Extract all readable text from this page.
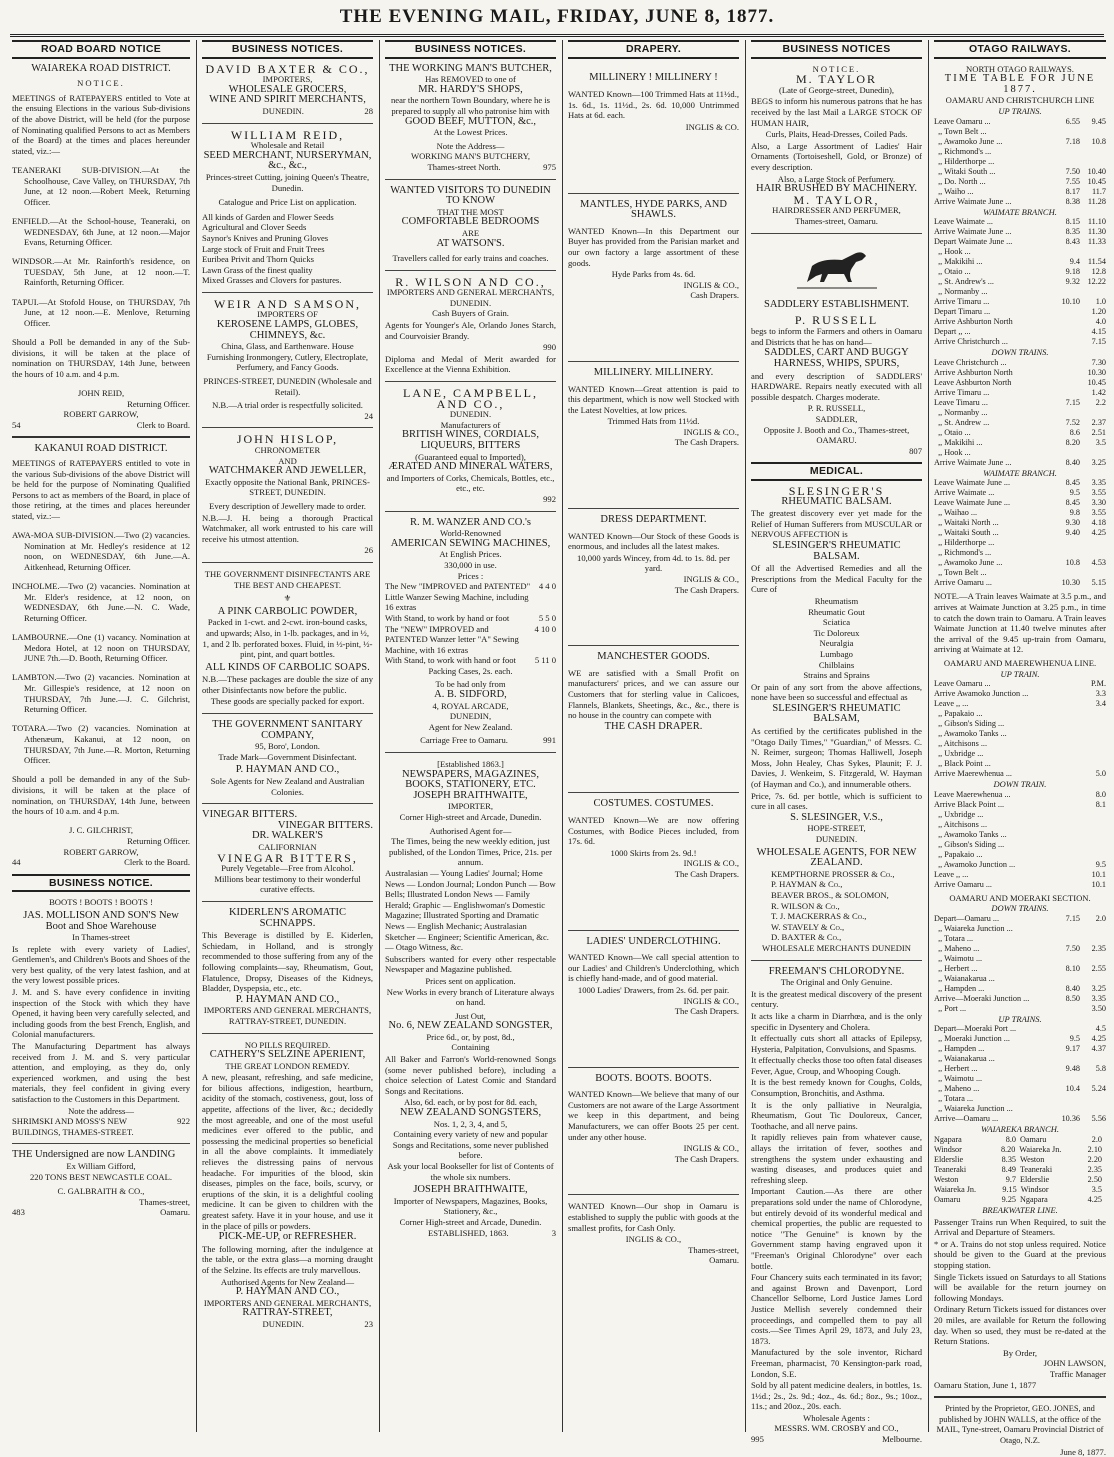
THE EVENING MAIL, FRIDAY, JUNE 8, 1877.
ROAD BOARD NOTICE
WAIAREKA ROAD DISTRICT.
NOTICE.

MEETINGS of RATEPAYERS entitled to Vote at the ensuing Elections in the various Sub-divisions of the above District, will be held (for the purpose of Nominating qualified Persons to act as Members of the Board) at the times and places hereunder stated, viz.:—

TEANERAKI SUB-DIVISION.—At the Schoolhouse, Cave Valley, on THURSDAY, 7th June, at 12 noon.—Robert Meek, Returning Officer.

ENFIELD.—At the School-house, Teaneraki, on WEDNESDAY, 6th June, at 12 noon.—Major Evans, Returning Officer.

WINDSOR.—At Mr. Rainforth's residence, on TUESDAY, 5th June, at 12 noon.—T. Rainforth, Returning Officer.

TAPUI.—At Stofold House, on THURSDAY, 7th June, at 12 noon.—E. Menlove, Returning Officer.

Should a Poll be demanded in any of the Sub-divisions, it will be taken at the place of nomination on THURSDAY, 14th June, between the hours of 10 a.m. and 4 p.m.

JOHN REID,
Returning Officer.
ROBERT GARROW,
54	Clerk to Board.
KAKANUI ROAD DISTRICT.

MEETINGS of RATEPAYERS entitled to vote in the various Sub-divisions of the above District will be held for the purpose of Nominating Qualified Persons to act as members of the Board, in place of those retiring, at the times and places hereunder stated, viz.:—

AWA-MOA SUB-DIVISION.—Two (2) vacancies. Nomination at Mr. Hedley's residence at 12 noon, on WEDNESDAY, 6th June.—A. Aitkenhead, Returning Officer.

INCHOLME.—Two (2) vacancies. Nomination at Mr. Elder's residence, at 12 noon, on WEDNESDAY, 6th June.—N. C. Wade, Returning Officer.

LAMBOURNE.—One (1) vacancy. Nomination at Medora Hotel, at 12 noon on THURSDAY, JUNE 7th.—D. Booth, Returning Officer.

LAMBTON.—Two (2) vacancies. Nomination at Mr. Gillespie's residence, at 12 noon on THURSDAY, 7th June.—J. C. Gilchrist, Returning Officer.

TOTARA.—Two (2) vacancies. Nomination at Athenæum, Kakanui, at 12 noon, on THURSDAY, 7th June.—R. Morton, Returning Officer.

Should a poll be demanded in any of the Sub-divisions, it will be taken at the place of nomination, on THURSDAY, 14th June, between the hours of 10 a.m. and 4 p.m.

J. C. GILCHRIST,
Returning Officer.
ROBERT GARROW,
44	Clerk to the Board.
BUSINESS NOTICE.
BOOTS ! BOOTS ! BOOTS !
JAS. MOLLISON AND SON'S New Boot and Shoe Warehouse
In Thames-street

Is replete with every variety of Ladies', Gentlemen's, and Children's Boots and Shoes of the very best quality, of the very latest fashion, and at the very lowest possible prices.

J. M. and S. have every confidence in inviting inspection of the Stock with which they have Opened, it having been very carefully selected, and including goods from the best French, English, and Colonial manufacturers.

The Manufacturing Department has always received from J. M. and S. very particular attention, and employing, as they do, only experienced workmen, and using the best materials, they feel confident in giving every satisfaction to the Customers in this Department.

Note the address—
SHRIMSKI AND MOSS'S NEW BUILDINGS, THAMES-STREET.
922
THE Undersigned are now LANDING
Ex William Gifford,
220 TONS BEST NEWCASTLE COAL.
C. GALBRAITH & CO.,
Thames-street,
483	Oamaru.
BUSINESS NOTICES.
DAVID BAXTER & CO.,
IMPORTERS,
WHOLESALE GROCERS,
WINE AND SPIRIT MERCHANTS,
DUNEDIN.	28
WILLIAM REID,
Wholesale and Retail
SEED MERCHANT, NURSERYMAN, &c., &c.,
Princes-street Cutting, joining Queen's Theatre, Dunedin.
Catalogue and Price List on application.
All kinds of Garden and Flower Seeds
Agricultural and Clover Seeds
Saynor's Knives and Pruning Gloves
Large stock of Fruit and Fruit Trees
Euribea Privit and Thorn Quicks
Lawn Grass of the finest quality
Mixed Grasses and Clovers for pastures.
WEIR AND SAMSON,
IMPORTERS OF
KEROSENE LAMPS, GLOBES, CHIMNEYS, &c.
China, Glass, and Earthenware. House Furnishing Ironmongery, Cutlery, Electroplate, Perfumery, and Fancy Goods.
PRINCES-STREET, DUNEDIN (Wholesale and Retail).
N.B.—A trial order is respectfully solicited.
24
JOHN HISLOP,
CHRONOMETER
AND
WATCHMAKER AND JEWELLER,
Exactly opposite the National Bank, PRINCES-STREET, DUNEDIN.
Every description of Jewellery made to order.

N.B.—J. H. being a thorough Practical Watchmaker, all work entrusted to his care will receive his utmost attention.

26
THE GOVERNMENT DISINFECTANTS ARE THE BEST AND CHEAPEST.
⚜
A PINK CARBOLIC POWDER,
Packed in 1-cwt. and 2-cwt. iron-bound casks, and upwards; Also, in 1-lb. packages, and in ½, 1, and 2 lb. perforated boxes. Fluid, in ½-pint, ½-pint, pint, and quart bottles.
ALL KINDS OF CARBOLIC SOAPS.

N.B.—These packages are double the size of any other Disinfectants now before the public.

These goods are specially packed for export.
THE GOVERNMENT SANITARY COMPANY,
95, Boro', London.
Trade Mark—Government Disinfectant.
P. HAYMAN AND CO.,
Sole Agents for New Zealand and Australian Colonies.
VINEGAR BITTERS.
VINEGAR BITTERS.
DR. WALKER'S
CALIFORNIAN
VINEGAR BITTERS,
Purely Vegetable—Free from Alcohol.
Millions bear testimony to their wonderful curative effects.
KIDERLEN'S AROMATIC SCHNAPPS.

This Beverage is distilled by E. Kiderlen, Schiedam, in Holland, and is strongly recommended to those suffering from any of the following complaints—say, Rheumatism, Gout, Flatulence, Dropsy, Diseases of the Kidneys, Bladder, Dyspepsia, etc., etc.

P. HAYMAN AND CO.,
IMPORTERS AND GENERAL MERCHANTS, RATTRAY-STREET, DUNEDIN.
NO PILLS REQUIRED.
CATHERY'S SELZINE APERIENT,
THE GREAT LONDON REMEDY.

A new, pleasant, refreshing, and safe medicine, for bilious affections, indigestion, heartburn, acidity of the stomach, costiveness, gout, loss of appetite, affections of the liver, &c.; decidedly the most agreeable, and one of the most useful medicines ever offered to the public, and possessing the medicinal properties so beneficial in all the above complaints. It immediately relieves the distressing pains of nervous headache. For impurities of the blood, skin diseases, pimples on the face, boils, scurvy, or eruptions of the skin, it is a delightful cooling medicine. It can be given to children with the greatest safety. Have it in your house, and use it in the place of pills or powders.

PICK-ME-UP, or REFRESHER.

The following morning, after the indulgence at the table, or the extra glass—a morning draught of the Selzine. Its effects are truly marvellous.

Authorised Agents for New Zealand—
P. HAYMAN AND CO.,
IMPORTERS AND GENERAL MERCHANTS,
RATTRAY-STREET,
DUNEDIN.	23
BUSINESS NOTICES.
THE WORKING MAN'S BUTCHER,
Has REMOVED to one of
MR. HARDY'S SHOPS,
near the northern Town Boundary, where he is prepared to supply all who patronise him with
GOOD BEEF, MUTTON, &c.,
At the Lowest Prices.
Note the Address—
WORKING MAN'S BUTCHERY,
Thames-street North.	975
WANTED VISITORS TO DUNEDIN TO KNOW
THAT THE MOST
COMFORTABLE BEDROOMS
ARE
AT WATSON'S.
Travellers called for early trains and coaches.
R. WILSON AND CO.,
IMPORTERS AND GENERAL MERCHANTS,
DUNEDIN.
Cash Buyers of Grain.

Agents for Younger's Ale, Orlando Jones Starch, and Courvoisier Brandy.

990

Diploma and Medal of Merit awarded for Excellence at the Vienna Exhibition.

LANE, CAMPBELL, AND CO.,
DUNEDIN.
Manufacturers of
BRITISH WINES, CORDIALS, LIQUEURS, BITTERS
(Guaranteed equal to Imported),
ÆRATED AND MINERAL WATERS,
and Importers of Corks, Chemicals, Bottles, etc., etc., etc.
992
R. M. WANZER AND CO.'s
World-Renowned
AMERICAN SEWING MACHINES,
At English Prices.
330,000 in use.
Prices :
The New "IMPROVED and PATENTED" Little Wanzer Sewing Machine, including 16 extras
4 4 0
With Stand, to work by hand or foot	5 5 0
The "NEW" IMPROVED and PATENTED Wanzer letter "A" Sewing Machine, with 16 extras
4 10 0
With Stand, to work with hand or foot	5 11 0
Packing Cases, 2s. each.
To be had only from
A. B. SIDFORD,
4, ROYAL ARCADE,
DUNEDIN,
Agent for New Zealand.
Carriage Free to Oamaru.	991
[Established 1863.]
NEWSPAPERS, MAGAZINES, BOOKS, STATIONERY, ETC.
JOSEPH BRAITHWAITE,
IMPORTER,
Corner High-street and Arcade, Dunedin.
Authorised Agent for—
The Times, being the new weekly edition, just published, of the London Times, Price, 21s. per annum.
Australasian — Young Ladies' Journal; Home News — London Journal; London Punch — Bow Bells; Illustrated London News — Family Herald; Graphic — Englishwoman's Domestic Magazine; Illustrated Sporting and Dramatic News — English Mechanic; Australasian Sketcher — Engineer; Scientific American, &c. — Otago Witness, &c.

Subscribers wanted for every other respectable Newspaper and Magazine published.

Prices sent on application.
New Works in every branch of Literature always on hand.
Just Out,
No. 6, NEW ZEALAND SONGSTER,
Price 6d., or, by post, 8d.,
Containing

All Baker and Farron's World-renowned Songs (some never published before), including a choice selection of Latest Comic and Standard Songs and Recitations.

Also, 6d. each, or by post for 8d. each,
NEW ZEALAND SONGSTERS,
Nos. 1, 2, 3, 4, and 5,
Containing every variety of new and popular Songs and Recitations, some never published before.
Ask your local Bookseller for list of Contents of the whole six numbers.
JOSEPH BRAITHWAITE,
Importer of Newspapers, Magazines, Books, Stationery, &c.,
Corner High-street and Arcade, Dunedin.
ESTABLISHED, 1863.	3
DRAPERY.
MILLINERY ! MILLINERY !

WANTED Known—100 Trimmed Hats at 11½d., 1s. 6d., 1s. 11½d., 2s. 6d. 10,000 Untrimmed Hats at 6d. each.

INGLIS & CO.
MANTLES, HYDE PARKS, AND SHAWLS.

WANTED Known—In this Department our Buyer has provided from the Parisian market and our own factory a large assortment of these goods.

Hyde Parks from 4s. 6d.
INGLIS & CO.,
Cash Drapers.
MILLINERY. MILLINERY.

WANTED Known—Great attention is paid to this department, which is now well Stocked with the Latest Novelties, at low prices.

Trimmed Hats from 11½d.
INGLIS & CO.,
The Cash Drapers.
DRESS DEPARTMENT.

WANTED Known—Our Stock of these Goods is enormous, and includes all the latest makes.

10,000 yards Wincey, from 4d. to 1s. 8d. per yard.
INGLIS & CO.,
The Cash Drapers.
MANCHESTER GOODS.

WE are satisfied with a Small Profit on manufacturers' prices, and we can assure our Customers that for sterling value in Calicoes, Flannels, Blankets, Sheetings, &c., &c., there is no house in the country can compete with

THE CASH DRAPER.
COSTUMES. COSTUMES.

WANTED Known—We are now offering Costumes, with Bodice Pieces included, from 17s. 6d.

1000 Skirts from 2s. 9d.!
INGLIS & CO.,
The Cash Drapers.
LADIES' UNDERCLOTHING.

WANTED Known—We call special attention to our Ladies' and Children's Underclothing, which is chiefly hand-made, and of good material.

1000 Ladies' Drawers, from 2s. 6d. per pair.
INGLIS & CO.,
The Cash Drapers.
BOOTS. BOOTS. BOOTS.

WANTED Known—We believe that many of our Customers are not aware of the Large Assortment we keep in this department, and being Manufacturers, we can offer Boots 25 per cent. under any other house.

INGLIS & CO.,
The Cash Drapers.

WANTED Known—Our shop in Oamaru is established to supply the public with goods at the smallest profits, for Cash Only.

INGLIS & CO.,
Thames-street,
Oamaru.
BUSINESS NOTICES
NOTICE.
M. TAYLOR
(Late of George-street, Dunedin),

BEGS to inform his numerous patrons that he has received by the last Mail a LARGE STOCK OF HUMAN HAIR,

Curls, Plaits, Head-Dresses, Coiled Pads.

Also, a Large Assortment of Ladies' Hair Ornaments (Tortoiseshell, Gold, or Bronze) of every description.

Also, a Large Stock of Perfumery.
HAIR BRUSHED BY MACHINERY.
M. TAYLOR,
HAIRDRESSER AND PERFUMER,
Thames-street, Oamaru.
SADDLERY ESTABLISHMENT.
P. RUSSELL

begs to inform the Farmers and others in Oamaru and Districts that he has on hand—

SADDLES, CART AND BUGGY HARNESS, WHIPS, SPURS,

and every description of SADDLERS' HARDWARE. Repairs neatly executed with all possible despatch. Charges moderate.

P. R. RUSSELL,
SADDLER,
Opposite J. Booth and Co., Thames-street, OAMARU.
807
MEDICAL.
SLESINGER'S
RHEUMATIC BALSAM.

The greatest discovery ever yet made for the Relief of Human Sufferers from MUSCULAR or NERVOUS AFFECTION is

SLESINGER'S RHEUMATIC BALSAM.

Of all the Advertised Remedies and all the Prescriptions from the Medical Faculty for the Cure of

Rheumatism
Rheumatic Gout
Sciatica
Tic Doloreux
Neuralgia
Lumbago
Chilblains
Strains and Sprains

Or pain of any sort from the above affections, none have been so successful and effectual as

SLESINGER'S RHEUMATIC BALSAM,

As certified by the certificates published in the "Otago Daily Times," "Guardian," of Messrs. C. N. Reimer, surgeon; Thomas Halliwell, Joseph Moss, John Healey, Chas Sykes, Plaunit; F. J. Davies, J. Wenkeim, S. Fitzgerald, W. Hayman (of Hayman and Co.), and innumerable others.

Price, 7s. 6d. per bottle, which is sufficient to cure in all cases.

S. SLESINGER, V.S.,
HOPE-STREET,
DUNEDIN.
WHOLESALE AGENTS, FOR NEW ZEALAND.
KEMPTHORNE PROSSER & Co.,
P. HAYMAN & Co.,
BEAVER BROS., & SOLOMON,
R. WILSON & Co.,
T. J. MACKERRAS & Co.,
W. STAVELY & Co.,
D. BAXTER & Co.,
WHOLESALE MERCHANTS DUNEDIN
FREEMAN'S CHLORODYNE.
The Original and Only Genuine.

It is the greatest medical discovery of the present century.

It acts like a charm in Diarrhœa, and is the only specific in Dysentery and Cholera.

It effectually cuts short all attacks of Epilepsy, Hysteria, Palpitation, Convulsions, and Spasms.

It effectually checks those too often fatal diseases Fever, Ague, Croup, and Whooping Cough.

It is the best remedy known for Coughs, Colds, Consumption, Bronchitis, and Asthma.

It is the only palliative in Neuralgia, Rheumatism, Gout Tic Douloreux, Cancer, Toothache, and all nerve pains.

It rapidly relieves pain from whatever cause, allays the irritation of fever, soothes and strengthens the system under exhausting and wasting diseases, and produces quiet and refreshing sleep.

Important Caution.—As there are other preparations sold under the name of Chlorodyne, but entirely devoid of its wonderful medical and chemical properties, the public are requested to notice "The Genuine" is known by the Government stamp having engraved upon it "Freeman's Original Chlorodyne" over each bottle.

Four Chancery suits each terminated in its favor; and against Brown and Davenport, Lord Chancellor Selborne, Lord Justice James Lord Justice Mellish severely condemned their proceedings, and compelled them to pay all costs.—See Times April 29, 1873, and July 23, 1873.

Manufactured by the sole inventor, Richard Freeman, pharmacist, 70 Kensington-park road, London, S.E.

Sold by all patent medicine dealers, in bottles, 1s. 1½d.; 2s., 2s. 9d.; 4oz., 4s. 6d.; 8oz., 9s.; 10oz., 11s.; and 20oz., 20s. each.

Wholesale Agents :
MESSRS. WM. CROSBY and CO.,
995	Melbourne.
OTAGO RAILWAYS.
NORTH OTAGO RAILWAYS.
TIME TABLE FOR JUNE 1877.
OAMARU AND CHRISTCHURCH LINE
UP TRAINS.
Leave Oamaru ...	6.55	9.45
,, Town Belt ...
,, Awamoko June ...	7.18	10.8
,, Richmond's ...
,, Hilderthorpe ...
,, Witaki South ...	7.50 10.40
,, Do. North ...	7.55 10.45
,, Waiho ...	8.17	11.7
Arrive Waimate June ...	8.38 11.28
WAIMATE BRANCH.
Leave Waimate ...	8.15 11.10
Arrive Waimate June ...	8.35 11.30
Depart Waimate June ...	8.43 11.33
,, Hook ...
,, Makikihi ...	9.4 11.54
,, Otaio ...	9.18	12.8
,, St. Andrew's ...	9.32 12.22
,, Normanby ...
Arrive Timaru ...	10.10	1.0
Depart Timaru ...	1.20
Arrive Ashburton North	4.0
Depart ,, ...	4.15
Arrive Christchurch ...	7.15
DOWN TRAINS.
Leave Christchurch ...	7.30
Arrive Ashburton North	10.30
Leave Ashburton North	10.45
Arrive Timaru ...	1.42
Leave Timaru ...	7.15	2.2
,, Normanby ...
,, St. Andrew ...	7.52	2.37
,, Otaio ...	8.6	2.51
,, Makikihi ...	8.20	3.5
,, Hook ...
Arrive Waimate June ...	8.40	3.25
WAIMATE BRANCH.
Leave Waimate June ...	8.45	3.35
Arrive Waimate ...	9.5	3.55
Leave Waimate June ...	8.45	3.30
,, Waihao ...	9.8	3.55
,, Waitaki North ...	9.30	4.18
,, Waitaki South ...	9.40	4.25
,, Hilderthorpe ...
,, Richmond's ...
,, Awamoko June ...	10.8	4.53
,, Town Belt ...
Arrive Oamaru ...	10.30	5.15

NOTE.—A Train leaves Waimate at 3.5 p.m., and arrives at Waimate Junction at 3.25 p.m., in time to catch the down train to Oamaru. A Train leaves Waimate Junction at 11.40 twelve minutes after the arrival of the 9.45 up-train from Oamaru, arriving at Waimate at 12.

OAMARU AND MAEREWHENUA LINE.
UP TRAIN.
Leave Oamaru ...	P.M.
Arrive Awamoko Junction ...	3.3
Leave ,, ...	3.4
,, Papakaio ...
,, Gibson's Siding ...
,, Awamoko Tanks ...
,, Aitchisons ...
,, Uxbridge ...
,, Black Point ...
Arrive Maerewhenua ...	5.0
DOWN TRAIN.
Leave Maerewhenua ...	8.0
Arrive Black Point ...	8.1
,, Uxbridge ...
,, Aitchisons ...
,, Awamoko Tanks ...
,, Gibson's Siding ...
,, Papakaio ...
,, Awamoko Junction ...	9.5
Leave ,, ...	10.1
Arrive Oamaru ...	10.1
OAMARU AND MOERAKI SECTION.
DOWN TRAINS.
Depart—Oamaru ...	7.15	2.0
,, Waiareka Junction ...
,, Totara ...
,, Maheno ...	7.50	2.35
,, Waimotu ...
,, Herbert ...	8.10	2.55
,, Waianakarua ...
,, Hampden ...	8.40	3.25
Arrive—Moeraki Junction ...	8.50	3.35
,, Port ...	3.50
UP TRAINS.
Depart—Moeraki Port ...	4.5
,, Moeraki Junction ...	9.5	4.25
,, Hampden ...	9.17	4.37
,, Waianakarua ...
,, Herbert ...	9.48	5.8
,, Waimotu ...
,, Maheno ...	10.4	5.24
,, Totara ...
,, Waiareka Junction ...
Arrive—Oamaru ...	10.36	5.56
WAIAREKA BRANCH.
Ngapara	8.0 Oamaru	2.0
Windsor	8.20 Waiareka Jn.	2.10
Elderslie	8.35 Weston	2.20
Teaneraki	8.49 Teaneraki	2.35
Weston	9.7 Elderslie	2.50
Waiareka Jn.	9.15 Windsor	3.5
Oamaru	9.25 Ngapara	4.25
BREAKWATER LINE.

Passenger Trains run When Required, to suit the Arrival and Departure of Steamers.

* or A. Trains do not stop unless required. Notice should be given to the Guard at the previous stopping station.

Single Tickets issued on Saturdays to all Stations will be available for the return journey on following Mondays.

Ordinary Return Tickets issued for distances over 20 miles, are available for Return the following day. When so used, they must be re-dated at the Return Stations.

By Order,
JOHN LAWSON,
Traffic Manager
Oamaru Station, June 1, 1877
Printed by the Proprietor, GEO. JONES, and published by JOHN WALLS, at the office of the MAIL, Tyne-street, Oamaru Provincial District of Otago, N.Z.
June 8, 1877.
